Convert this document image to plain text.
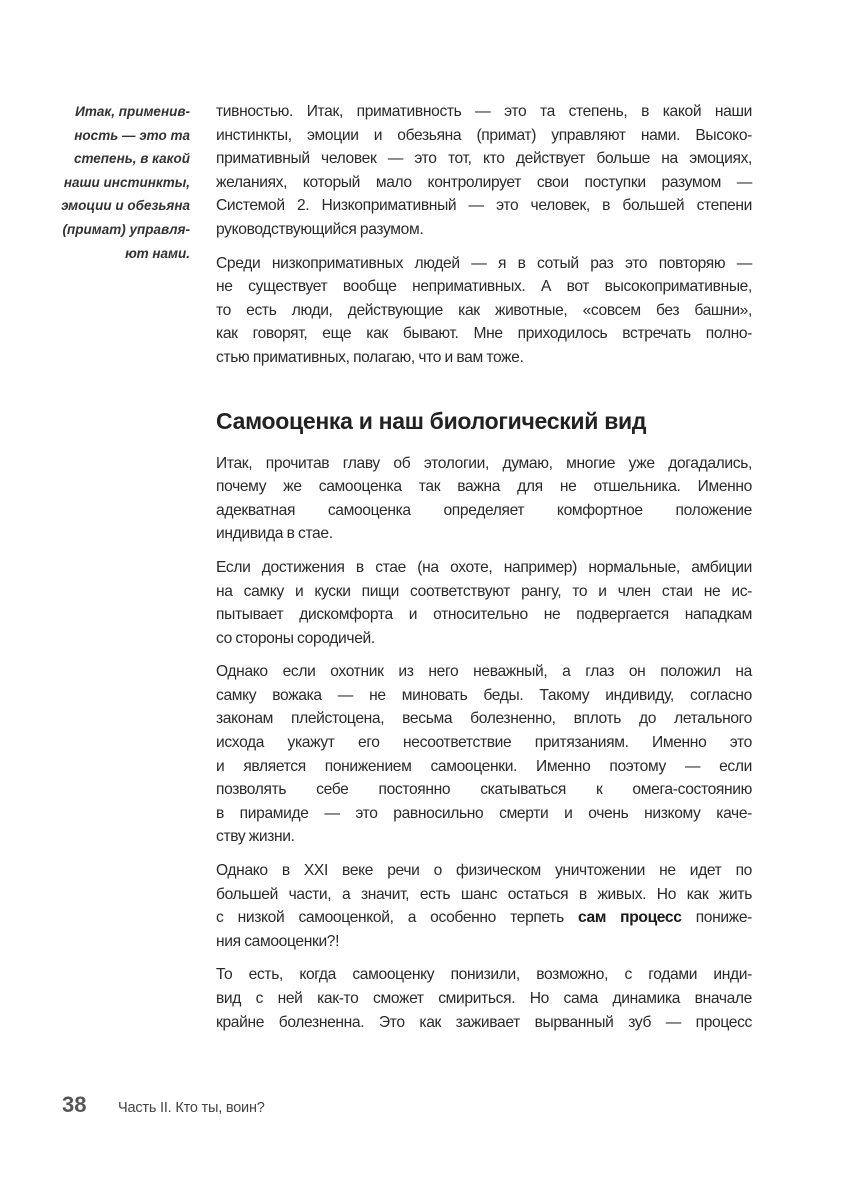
Итак, применив-
ность — это та
степень, в какой
наши инстинкты,
эмоции и обезьяна
(примат) управля-
ют нами.
тивностью. Итак, примативность — это та степень, в какой наши
инстинкты, эмоции и обезьяна (примат) управляют нами. Высоко-
примативный человек — это тот, кто действует больше на эмоциях,
желаниях, который мало контролирует свои поступки разумом —
Системой 2. Низкопримативный — это человек, в большей степени
руководствующийся разумом.
Среди низкопримативных людей — я в сотый раз это повторяю —
не существует вообще непримативных. А вот высокопримативные,
то есть люди, действующие как животные, «совсем без башни»,
как говорят, еще как бывают. Мне приходилось встречать полно-
стью примативных, полагаю, что и вам тоже.
Самооценка и наш биологический вид
Итак, прочитав главу об этологии, думаю, многие уже догадались,
почему же самооценка так важна для не отшельника. Именно
адекватная самооценка определяет комфортное положение
индивида в стае.
Если достижения в стае (на охоте, например) нормальные, амбиции
на самку и куски пищи соответствуют рангу, то и член стаи не ис-
пытывает дискомфорта и относительно не подвергается нападкам
со стороны сородичей.
Однако если охотник из него неважный, а глаз он положил на
самку вожака — не миновать беды. Такому индивиду, согласно
законам плейстоцена, весьма болезненно, вплоть до летального
исхода укажут его несоответствие притязаниям. Именно это
и является понижением самооценки. Именно поэтому — если
позволять себе постоянно скатываться к омега-состоянию
в пирамиде — это равносильно смерти и очень низкому каче-
ству жизни.
Однако в XXI веке речи о физическом уничтожении не идет по
большей части, а значит, есть шанс остаться в живых. Но как жить
с низкой самооценкой, а особенно терпеть сам процесс пониже-
ния самооценки?!
То есть, когда самооценку понизили, возможно, с годами инди-
вид с ней как-то сможет смириться. Но сама динамика вначале
крайне болезненна. Это как заживает вырванный зуб — процесс
38	Часть II. Кто ты, воин?
